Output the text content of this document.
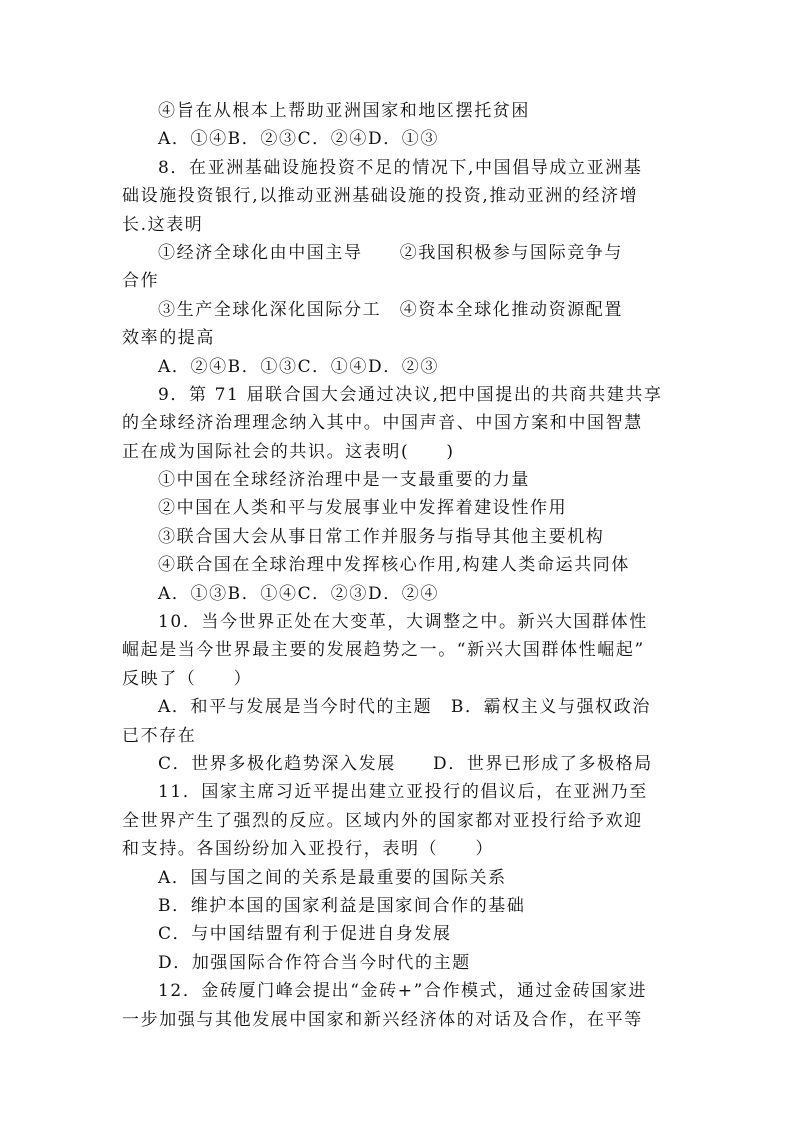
④旨在从根本上帮助亚洲国家和地区摆托贫困
A．①④B．②③C．②④D．①③
8．在亚洲基础设施投资不足的情况下,中国倡导成立亚洲基
础设施投资银行,以推动亚洲基础设施的投资,推动亚洲的经济增
长.这表明
①经济全球化由中国主导　　②我国积极参与国际竞争与
合作
③生产全球化深化国际分工　④资本全球化推动资源配置
效率的提高
A．②④B．①③C．①④D．②③
9．第 71 届联合国大会通过决议,把中国提出的共商共建共享
的全球经济治理理念纳入其中。中国声音、中国方案和中国智慧
正在成为国际社会的共识。这表明(　　)
①中国在全球经济治理中是一支最重要的力量
②中国在人类和平与发展事业中发挥着建设性作用
③联合国大会从事日常工作并服务与指导其他主要机构
④联合国在全球治理中发挥核心作用,构建人类命运共同体
A．①③B．①④C．②③D．②④
10．当今世界正处在大变革，大调整之中。新兴大国群体性
崛起是当今世界最主要的发展趋势之一。“新兴大国群体性崛起”
反映了（　　）
A．和平与发展是当今时代的主题　B．霸权主义与强权政治
已不存在
C．世界多极化趋势深入发展　　D．世界已形成了多极格局
11．国家主席习近平提出建立亚投行的倡议后，在亚洲乃至
全世界产生了强烈的反应。区域内外的国家都对亚投行给予欢迎
和支持。各国纷纷加入亚投行，表明（　　）
A．国与国之间的关系是最重要的国际关系
B．维护本国的国家利益是国家间合作的基础
C．与中国结盟有利于促进自身发展
D．加强国际合作符合当今时代的主题
12．金砖厦门峰会提出“金砖+”合作模式，通过金砖国家进
一步加强与其他发展中国家和新兴经济体的对话及合作，在平等
